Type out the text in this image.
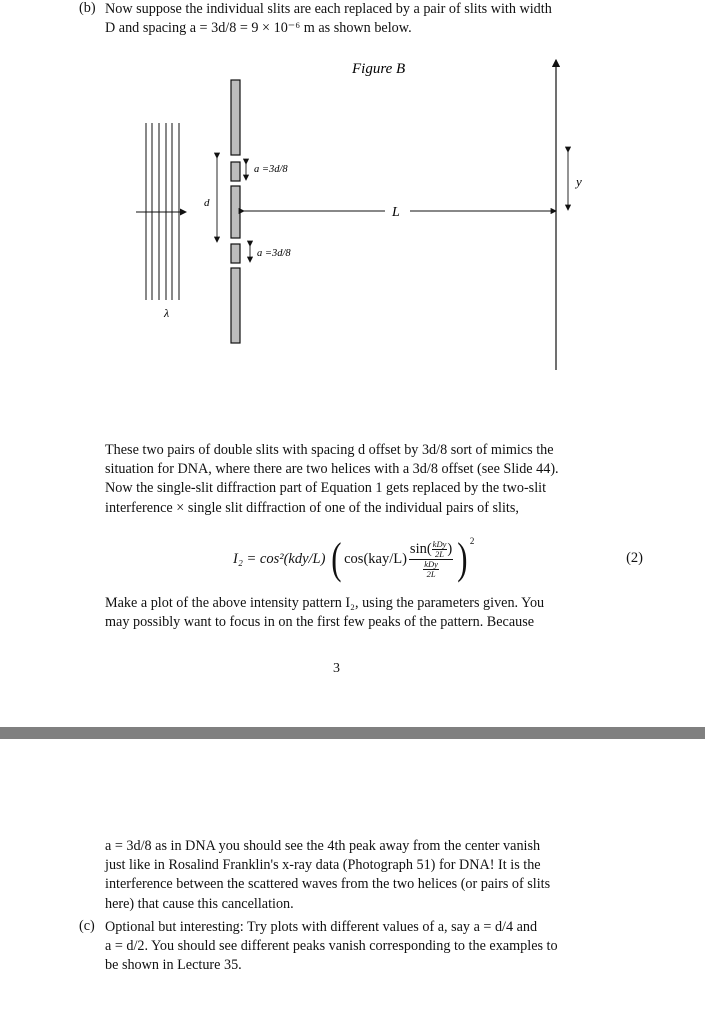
(b) Now suppose the individual slits are each replaced by a pair of slits with width
D and spacing a = 3d/8 = 9 × 10⁻⁶ m as shown below.
Figure B
λ
a =3d/8
a =3d/8
d
L
y
These two pairs of double slits with spacing d offset by 3d/8 sort of mimics the
situation for DNA, where there are two helices with a 3d/8 offset (see Slide 44).
Now the single-slit diffraction part of Equation 1 gets replaced by the two-slit
interference × single slit diffraction of one of the individual pairs of slits,
I₂ = cos²(kdy/L) ( $\cos(kay/L) \frac{\sin( \frac{\text{kDy}}{2L} )}{\frac{\text{kDy}}{2L}} )^2$
(2)
Make a plot of the above intensity pattern I₂, using the parameters given. You
may possibly want to focus in on the first few peaks of the pattern. Because
3
a = 3d/8 as in DNA you should see the 4th peak away from the center vanish
just like in Rosalind Franklin's x-ray data (Photograph 51) for DNA! It is the
interference between the scattered waves from the two helices (or pairs of slits
here) that cause this cancellation.
(c) Optional but interesting: Try plots with different values of a, say a = d/4 and
a = d/2. You should see different peaks vanish corresponding to the examples to
be shown in Lecture 35.
